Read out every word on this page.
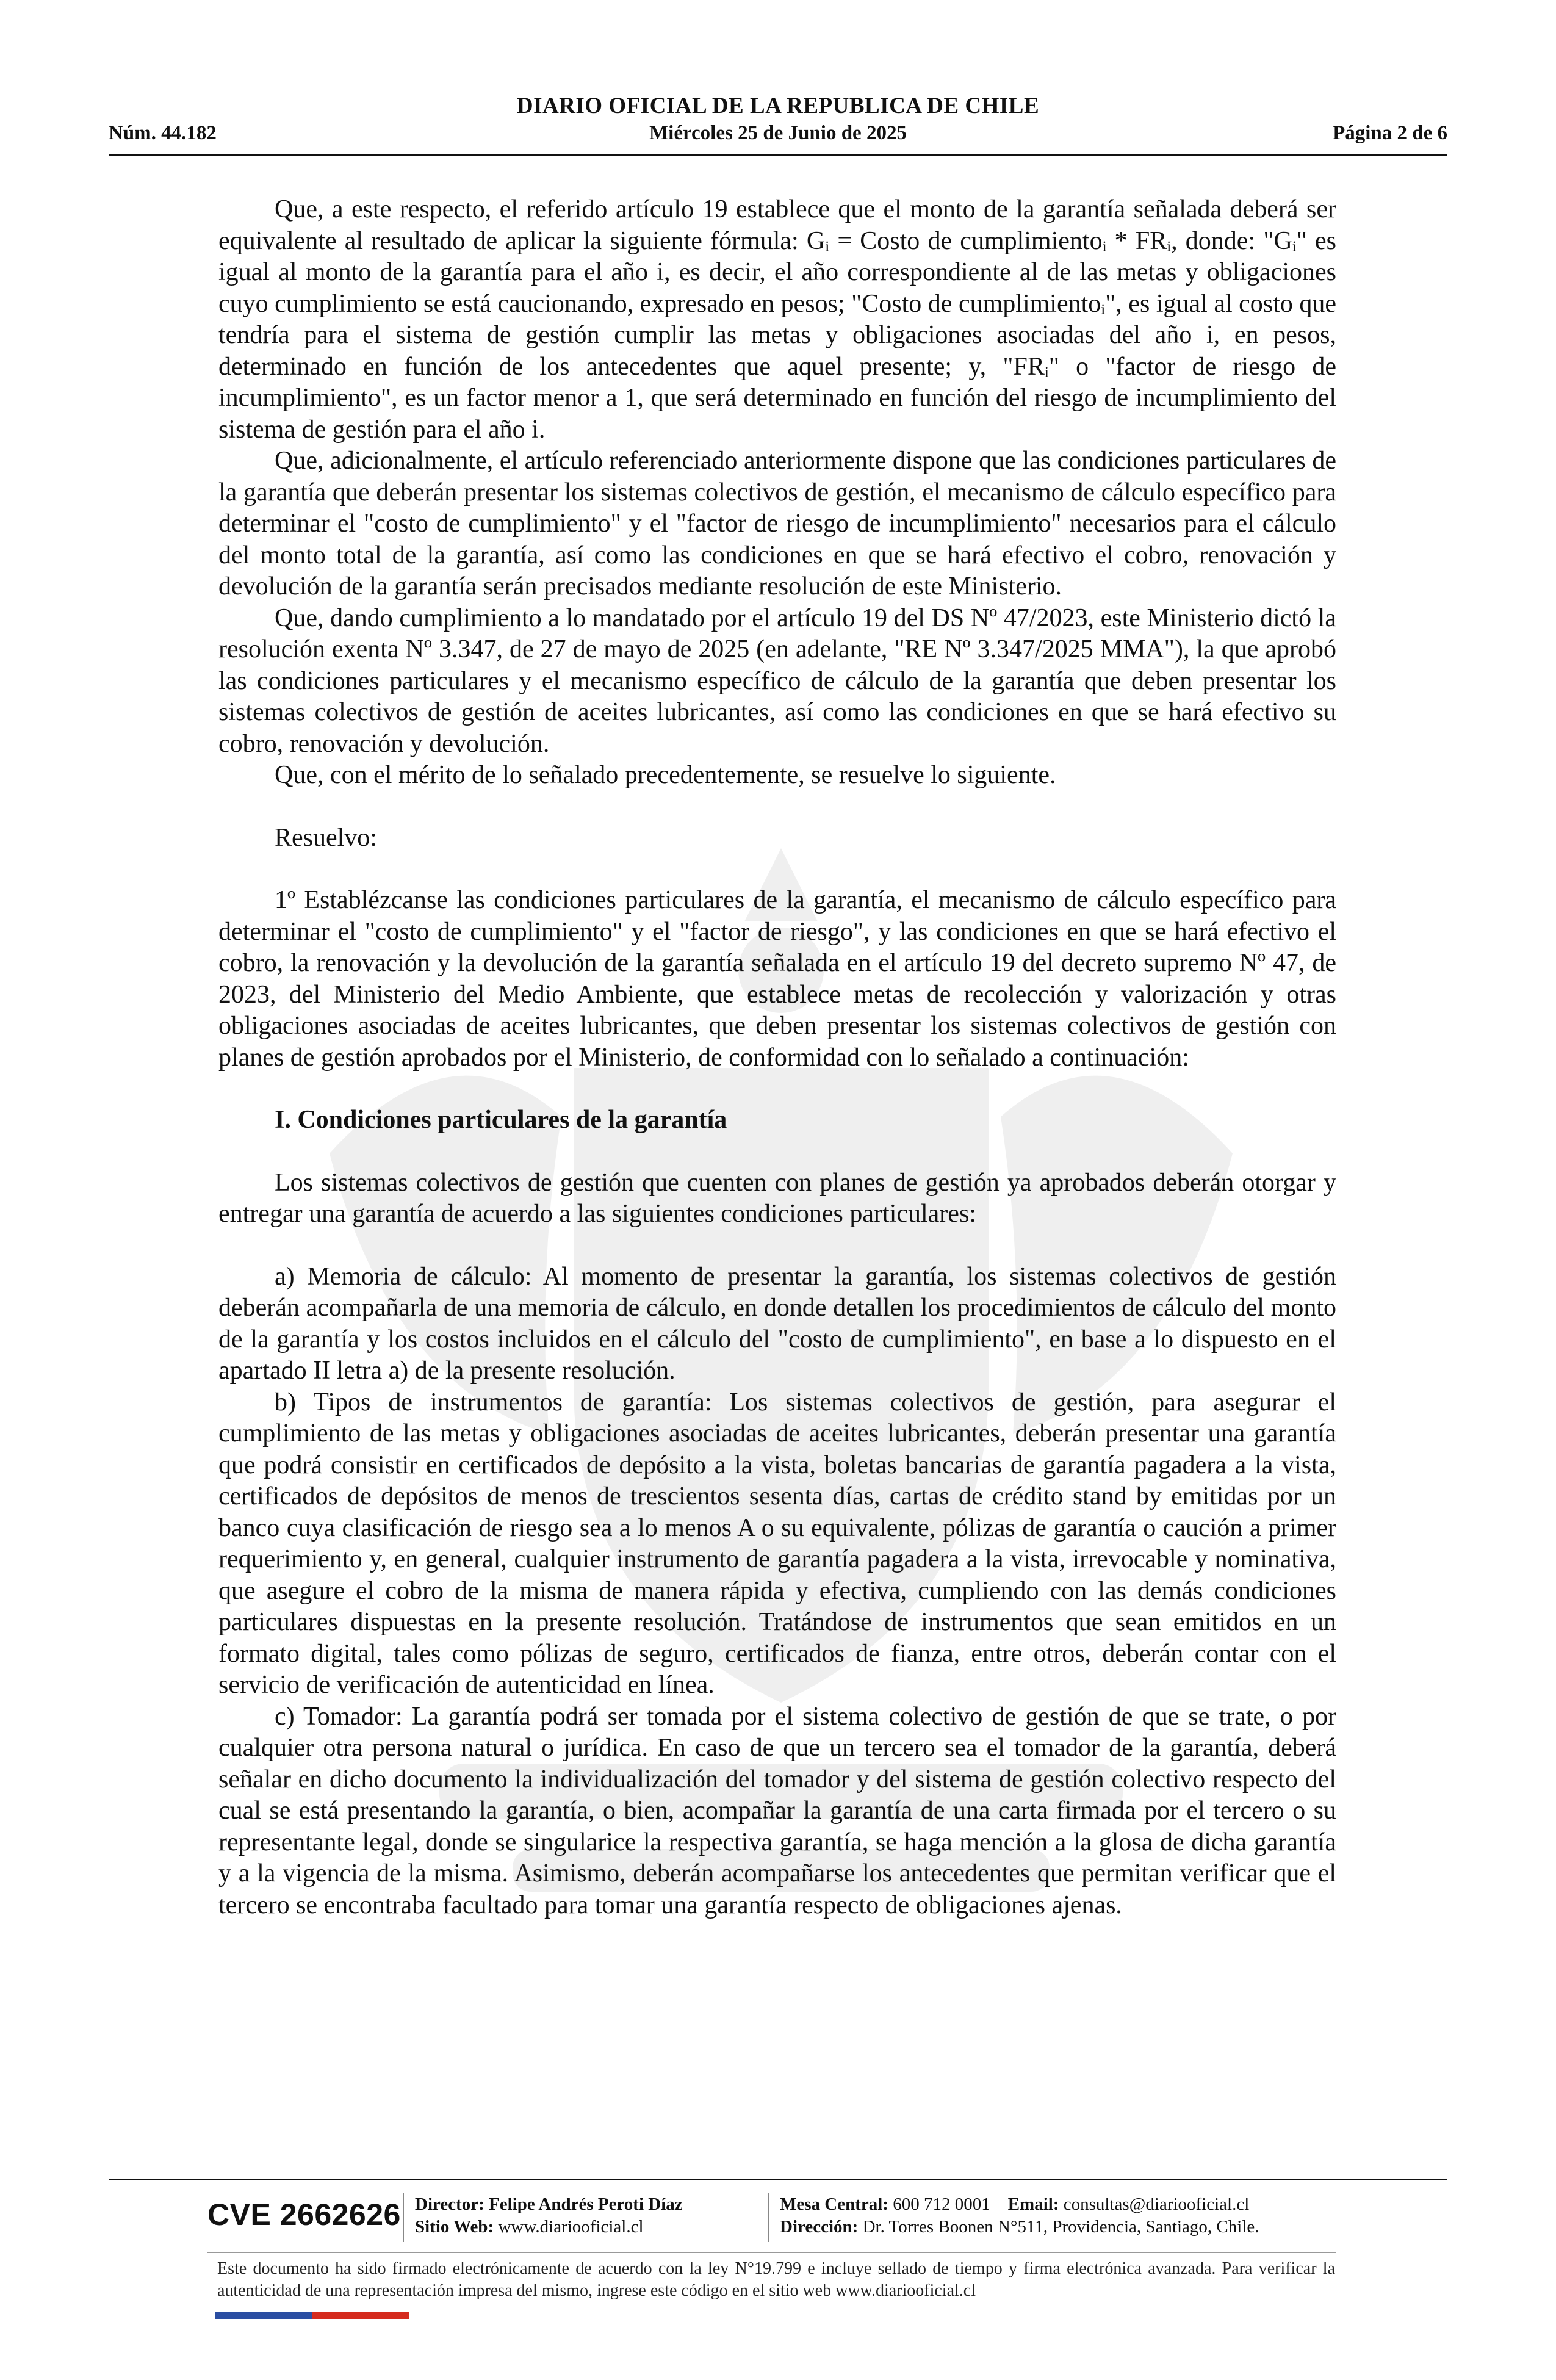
DIARIO OFICIAL DE LA REPUBLICA DE CHILE
Núm. 44.182	Miércoles 25 de Junio de 2025	Página 2 de 6

Que, a este respecto, el referido artículo 19 establece que el monto de la garantía señalada deberá ser equivalente al resultado de aplicar la siguiente fórmula: Gᵢ = Costo de cumplimientoᵢ * FRᵢ, donde: "Gᵢ" es igual al monto de la garantía para el año i, es decir, el año correspondiente al de las metas y obligaciones cuyo cumplimiento se está caucionando, expresado en pesos; "Costo de cumplimientoᵢ", es igual al costo que tendría para el sistema de gestión cumplir las metas y obligaciones asociadas del año i, en pesos, determinado en función de los antecedentes que aquel presente; y, "FRᵢ" o "factor de riesgo de incumplimiento", es un factor menor a 1, que será determinado en función del riesgo de incumplimiento del sistema de gestión para el año i.

Que, adicionalmente, el artículo referenciado anteriormente dispone que las condiciones particulares de la garantía que deberán presentar los sistemas colectivos de gestión, el mecanismo de cálculo específico para determinar el "costo de cumplimiento" y el "factor de riesgo de incumplimiento" necesarios para el cálculo del monto total de la garantía, así como las condiciones en que se hará efectivo el cobro, renovación y devolución de la garantía serán precisados mediante resolución de este Ministerio.

Que, dando cumplimiento a lo mandatado por el artículo 19 del DS Nº 47/2023, este Ministerio dictó la resolución exenta Nº 3.347, de 27 de mayo de 2025 (en adelante, "RE Nº 3.347/2025 MMA"), la que aprobó las condiciones particulares y el mecanismo específico de cálculo de la garantía que deben presentar los sistemas colectivos de gestión de aceites lubricantes, así como las condiciones en que se hará efectivo su cobro, renovación y devolución.

Que, con el mérito de lo señalado precedentemente, se resuelve lo siguiente.

Resuelvo:

1º Establézcanse las condiciones particulares de la garantía, el mecanismo de cálculo específico para determinar el "costo de cumplimiento" y el "factor de riesgo", y las condiciones en que se hará efectivo el cobro, la renovación y la devolución de la garantía señalada en el artículo 19 del decreto supremo Nº 47, de 2023, del Ministerio del Medio Ambiente, que establece metas de recolección y valorización y otras obligaciones asociadas de aceites lubricantes, que deben presentar los sistemas colectivos de gestión con planes de gestión aprobados por el Ministerio, de conformidad con lo señalado a continuación:

I. Condiciones particulares de la garantía

Los sistemas colectivos de gestión que cuenten con planes de gestión ya aprobados deberán otorgar y entregar una garantía de acuerdo a las siguientes condiciones particulares:

a) Memoria de cálculo: Al momento de presentar la garantía, los sistemas colectivos de gestión deberán acompañarla de una memoria de cálculo, en donde detallen los procedimientos de cálculo del monto de la garantía y los costos incluidos en el cálculo del "costo de cumplimiento", en base a lo dispuesto en el apartado II letra a) de la presente resolución.

b) Tipos de instrumentos de garantía: Los sistemas colectivos de gestión, para asegurar el cumplimiento de las metas y obligaciones asociadas de aceites lubricantes, deberán presentar una garantía que podrá consistir en certificados de depósito a la vista, boletas bancarias de garantía pagadera a la vista, certificados de depósitos de menos de trescientos sesenta días, cartas de crédito stand by emitidas por un banco cuya clasificación de riesgo sea a lo menos A o su equivalente, pólizas de garantía o caución a primer requerimiento y, en general, cualquier instrumento de garantía pagadera a la vista, irrevocable y nominativa, que asegure el cobro de la misma de manera rápida y efectiva, cumpliendo con las demás condiciones particulares dispuestas en la presente resolución. Tratándose de instrumentos que sean emitidos en un formato digital, tales como pólizas de seguro, certificados de fianza, entre otros, deberán contar con el servicio de verificación de autenticidad en línea.

c) Tomador: La garantía podrá ser tomada por el sistema colectivo de gestión de que se trate, o por cualquier otra persona natural o jurídica. En caso de que un tercero sea el tomador de la garantía, deberá señalar en dicho documento la individualización del tomador y del sistema de gestión colectivo respecto del cual se está presentando la garantía, o bien, acompañar la garantía de una carta firmada por el tercero o su representante legal, donde se singularice la respectiva garantía, se haga mención a la glosa de dicha garantía y a la vigencia de la misma. Asimismo, deberán acompañarse los antecedentes que permitan verificar que el tercero se encontraba facultado para tomar una garantía respecto de obligaciones ajenas.

CVE 2662626 Director: Felipe Andrés Peroti Díaz
Sitio Web: www.diariooficial.cl
Mesa Central: 600 712 0001 Email: consultas@diariooficial.cl
Dirección: Dr. Torres Boonen N°511, Providencia, Santiago, Chile.
Este documento ha sido firmado electrónicamente de acuerdo con la ley N°19.799 e incluye sellado de tiempo y firma electrónica avanzada. Para verificar la autenticidad de una representación impresa del mismo, ingrese este código en el sitio web www.diariooficial.cl
